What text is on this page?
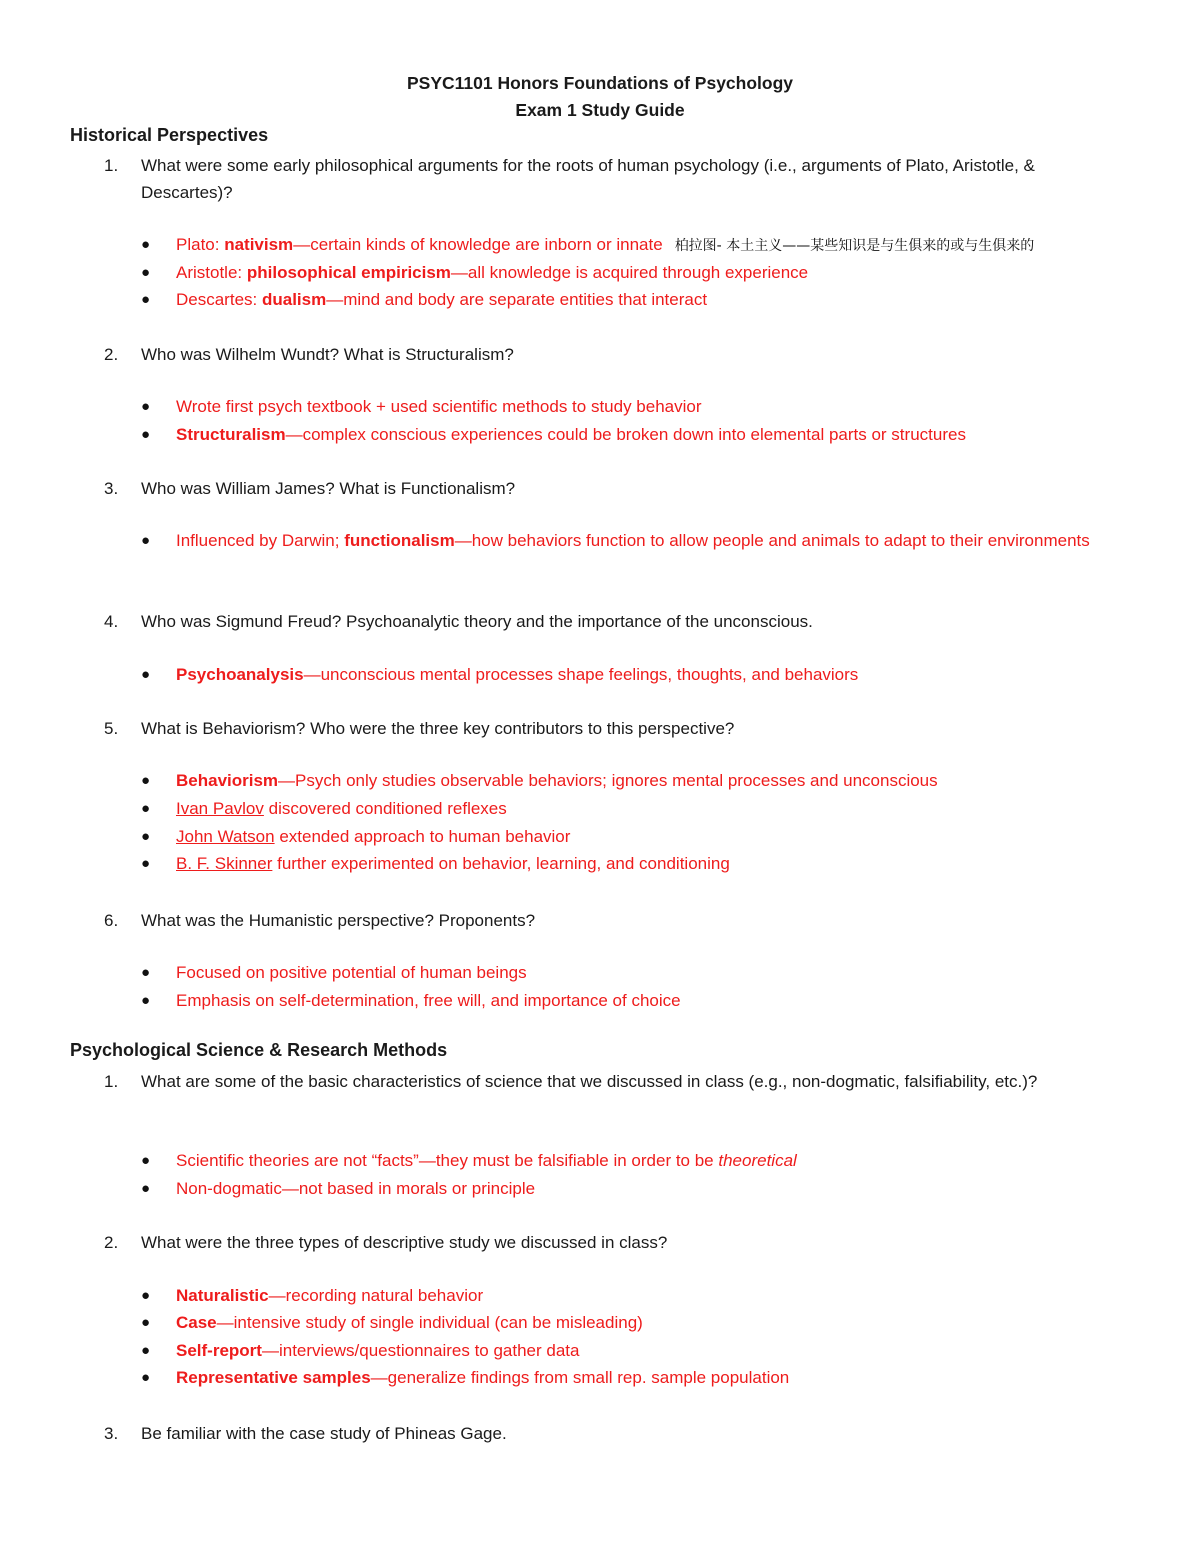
PSYC1101 Honors Foundations of Psychology
Exam 1 Study Guide
Historical Perspectives
1. What were some early philosophical arguments for the roots of human psychology (i.e., arguments of Plato, Aristotle, & Descartes)?
● Plato: nativism—certain kinds of knowledge are inborn or innate 柏拉图- 本土主义——某些知识是与生俱来的或与生俱来的
● Aristotle: philosophical empiricism—all knowledge is acquired through experience
● Descartes: dualism—mind and body are separate entities that interact
2. Who was Wilhelm Wundt? What is Structuralism?
● Wrote first psych textbook + used scientific methods to study behavior
● Structuralism—complex conscious experiences could be broken down into elemental parts or structures
3. Who was William James? What is Functionalism?
● Influenced by Darwin; functionalism—how behaviors function to allow people and animals to adapt to their environments
4. Who was Sigmund Freud? Psychoanalytic theory and the importance of the unconscious.
● Psychoanalysis—unconscious mental processes shape feelings, thoughts, and behaviors
5. What is Behaviorism? Who were the three key contributors to this perspective?
● Behaviorism—Psych only studies observable behaviors; ignores mental processes and unconscious
● Ivan Pavlov discovered conditioned reflexes
● John Watson extended approach to human behavior
● B. F. Skinner further experimented on behavior, learning, and conditioning
6. What was the Humanistic perspective? Proponents?
● Focused on positive potential of human beings
● Emphasis on self-determination, free will, and importance of choice
Psychological Science & Research Methods
1. What are some of the basic characteristics of science that we discussed in class (e.g., non-dogmatic, falsifiability, etc.)?
● Scientific theories are not “facts”—they must be falsifiable in order to be theoretical
● Non-dogmatic—not based in morals or principle
2. What were the three types of descriptive study we discussed in class?
● Naturalistic—recording natural behavior
● Case—intensive study of single individual (can be misleading)
● Self-report—interviews/questionnaires to gather data
● Representative samples—generalize findings from small rep. sample population
3. Be familiar with the case study of Phineas Gage.
